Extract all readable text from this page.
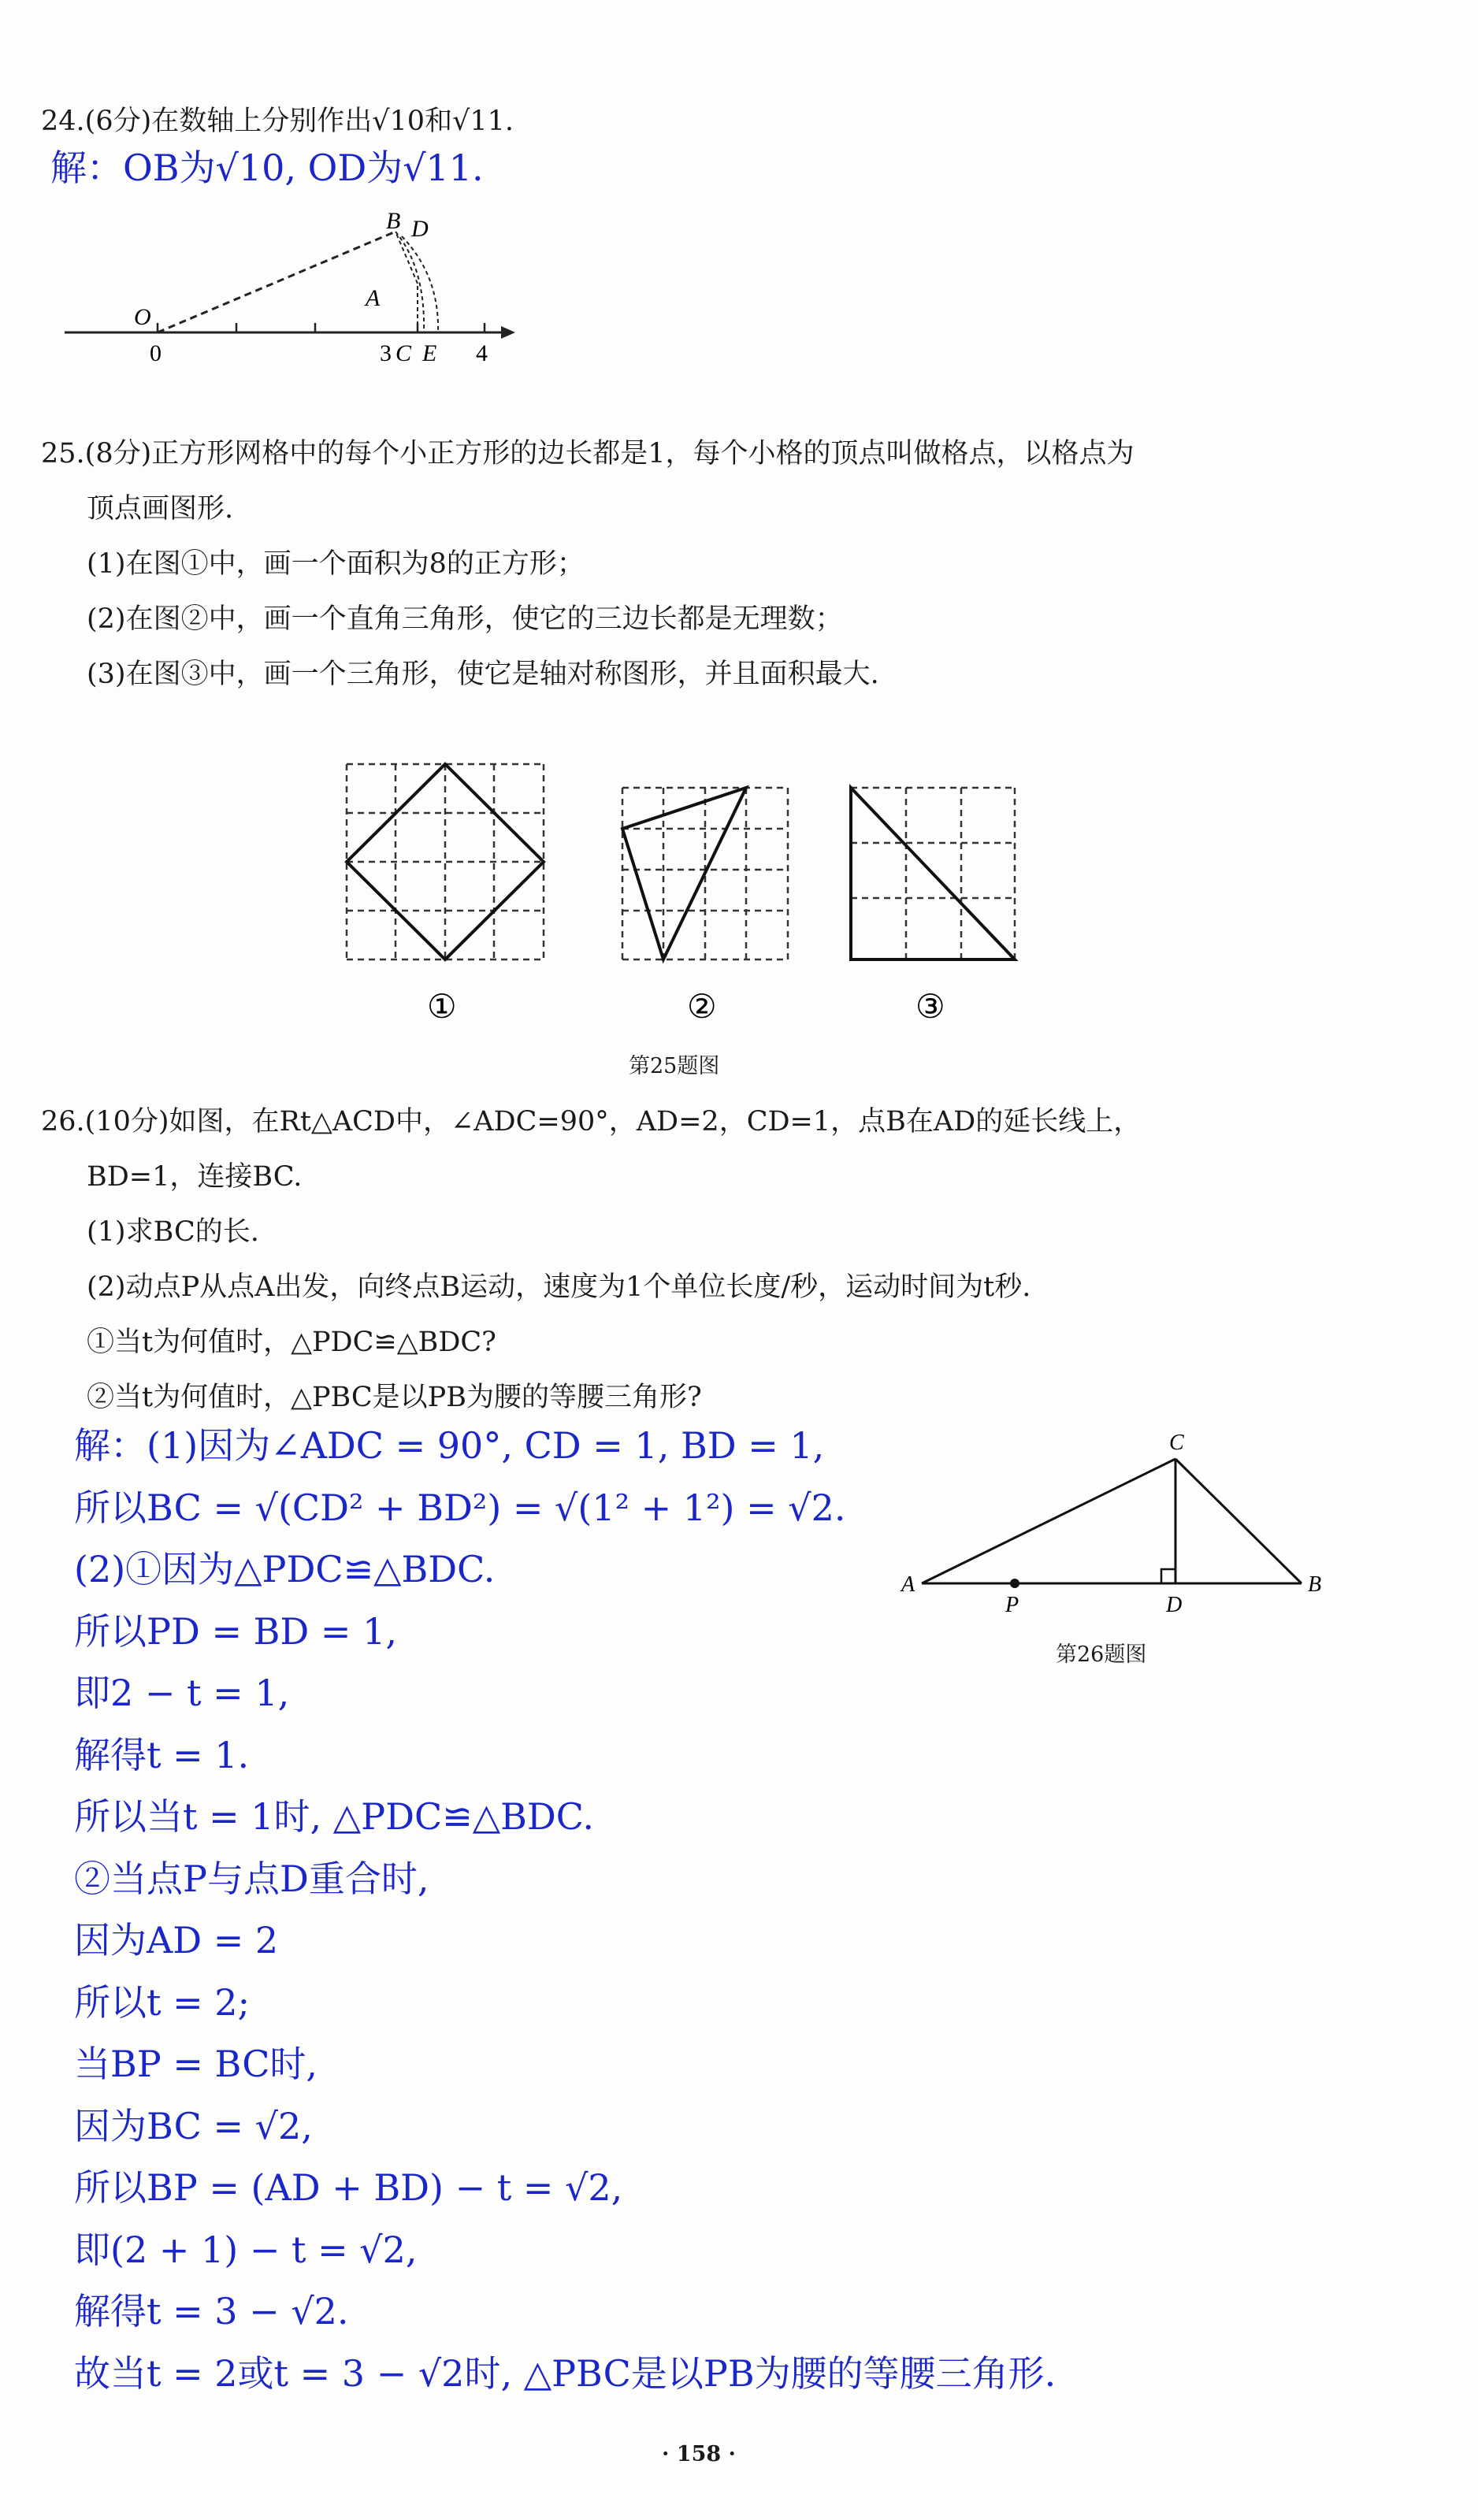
24.(6分)在数轴上分别作出√10和√11.
解：OB为√10, OD为√11.
B D
O
A
0	3 C E 4
25.(8分)正方形网格中的每个小正方形的边长都是1，每个小格的顶点叫做格点，以格点为
顶点画图形.
(1)在图①中，画一个面积为8的正方形；
(2)在图②中，画一个直角三角形，使它的三边长都是无理数；
(3)在图③中，画一个三角形，使它是轴对称图形，并且面积最大.
①	②	③
第25题图
26.(10分)如图，在Rt△ACD中，∠ADC=90°，AD=2，CD=1，点B在AD的延长线上，
BD=1，连接BC.
(1)求BC的长.
(2)动点P从点A出发，向终点B运动，速度为1个单位长度/秒，运动时间为t秒.
①当t为何值时，△PDC≌△BDC?
②当t为何值时，△PBC是以PB为腰的等腰三角形?
解：(1)因为∠ADC = 90°, CD = 1, BD = 1,
所以BC = √(CD² + BD²) = √(1² + 1²) = √2.
(2)①因为△PDC≌△BDC.
所以PD = BD = 1,
即2 − t = 1,
解得t = 1.
所以当t = 1时, △PDC≌△BDC.
②当点P与点D重合时,
因为AD = 2
所以t = 2;
当BP = BC时,
因为BC = √2,
所以BP = (AD + BD) − t = √2,
即(2 + 1) − t = √2,
解得t = 3 − √2.
故当t = 2或t = 3 − √2时, △PBC是以PB为腰的等腰三角形.
C
A
P	D
B
第26题图
· 158 ·
